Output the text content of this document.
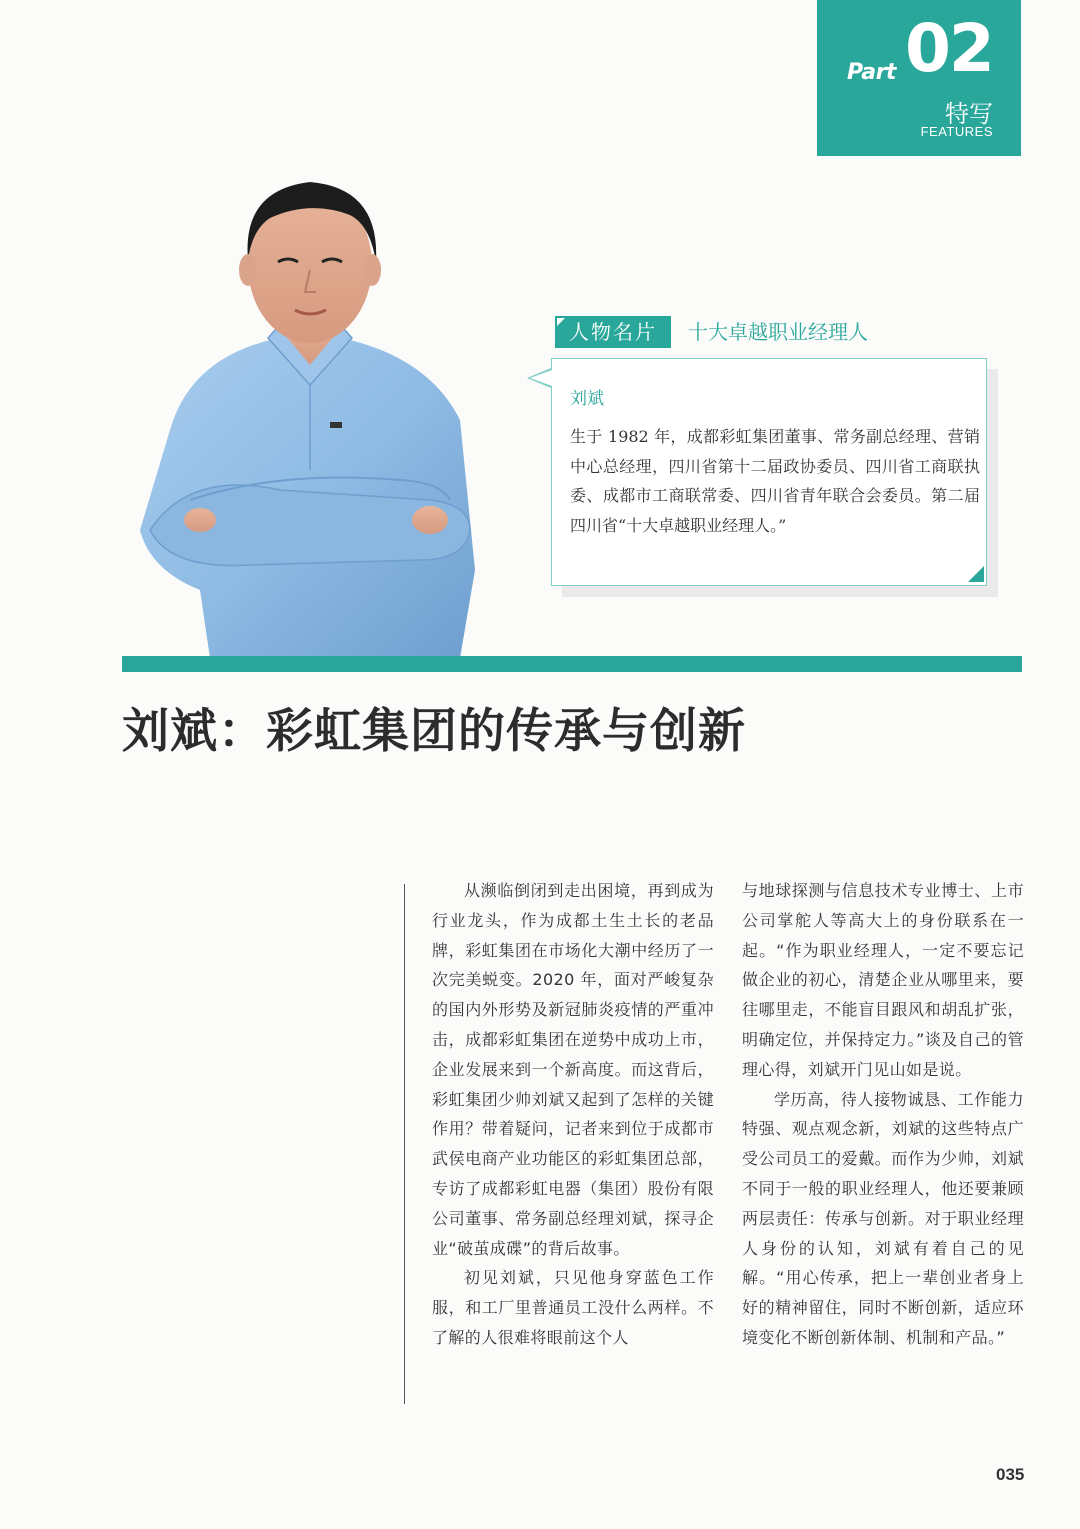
Part 02
特写
FEATURES
人物名片	十大卓越职业经理人
刘斌
生于 1982 年，成都彩虹集团董事、常务副总经理、营销中心总经理，四川省第十二届政协委员、四川省工商联执委、成都市工商联常委、四川省青年联合会委员。第二届四川省“十大卓越职业经理人。”
刘斌：彩虹集团的传承与创新

从濒临倒闭到走出困境，再到成为行业龙头，作为成都土生土长的老品牌，彩虹集团在市场化大潮中经历了一次完美蜕变。2020 年，面对严峻复杂的国内外形势及新冠肺炎疫情的严重冲击，成都彩虹集团在逆势中成功上市，企业发展来到一个新高度。而这背后，彩虹集团少帅刘斌又起到了怎样的关键作用？带着疑问，记者来到位于成都市武侯电商产业功能区的彩虹集团总部，专访了成都彩虹电器（集团）股份有限公司董事、常务副总经理刘斌，探寻企业“破茧成碟”的背后故事。

初见刘斌，只见他身穿蓝色工作服，和工厂里普通员工没什么两样。不了解的人很难将眼前这个人

与地球探测与信息技术专业博士、上市公司掌舵人等高大上的身份联系在一起。“作为职业经理人，一定不要忘记做企业的初心，清楚企业从哪里来，要往哪里走，不能盲目跟风和胡乱扩张，明确定位，并保持定力。”谈及自己的管理心得，刘斌开门见山如是说。

学历高，待人接物诚恳、工作能力特强、观点观念新，刘斌的这些特点广受公司员工的爱戴。而作为少帅，刘斌不同于一般的职业经理人，他还要兼顾两层责任：传承与创新。对于职业经理人身份的认知，刘斌有着自己的见解。“用心传承，把上一辈创业者身上好的精神留住，同时不断创新，适应环境变化不断创新体制、机制和产品。”

035
